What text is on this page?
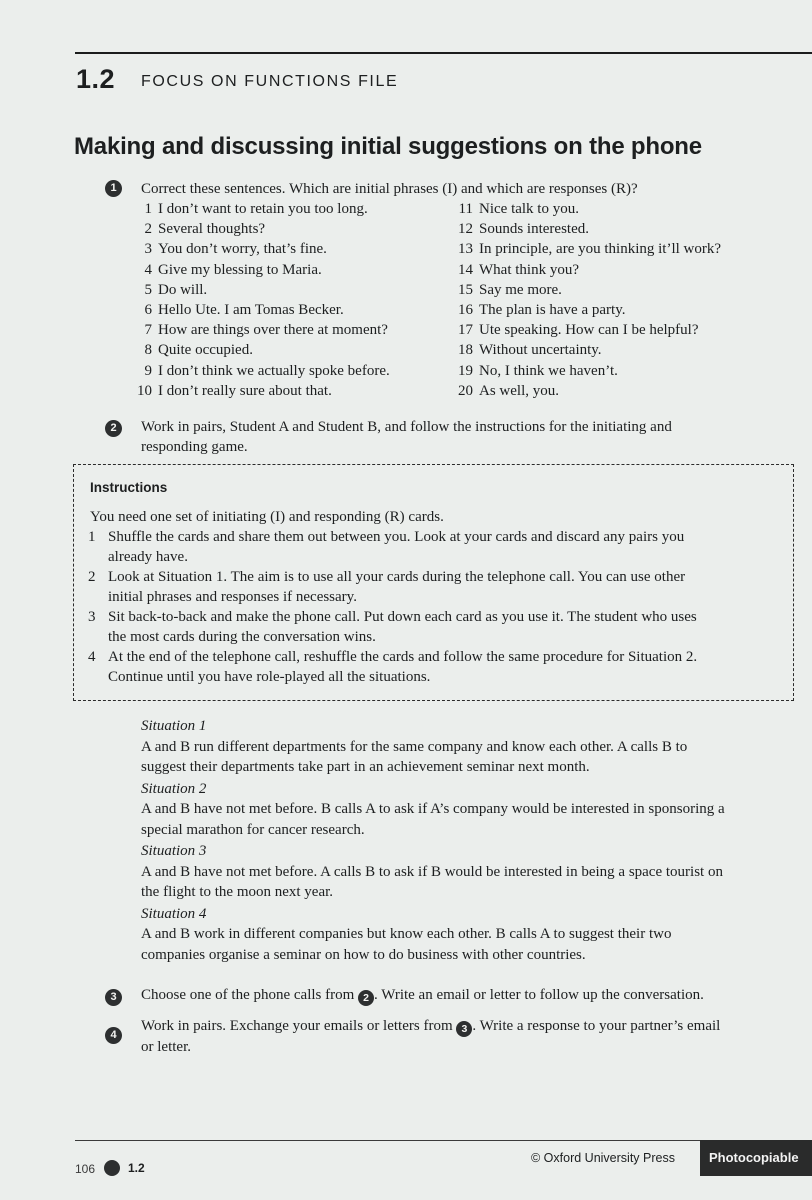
1.2 FOCUS ON FUNCTIONS FILE
Making and discussing initial suggestions on the phone
1	Correct these sentences. Which are initial phrases (I) and which are responses (R)?
1 I don’t want to retain you too long.
2 Several thoughts?
3 You don’t worry, that’s fine.
4 Give my blessing to Maria.
5 Do will.
6 Hello Ute. I am Tomas Becker.
7 How are things over there at moment?
8 Quite occupied.
9 I don’t think we actually spoke before.
10 I don’t really sure about that.
11 Nice talk to you.
12 Sounds interested.
13 In principle, are you thinking it’ll work?
14 What think you?
15 Say me more.
16 The plan is have a party.
17 Ute speaking. How can I be helpful?
18 Without uncertainty.
19 No, I think we haven’t.
20 As well, you.
2	Work in pairs, Student A and Student B, and follow the instructions for the initiating and
responding game.
Instructions
You need one set of initiating (I) and responding (R) cards.
1 Shuffle the cards and share them out between you. Look at your cards and discard any pairs you
already have.
2 Look at Situation 1. The aim is to use all your cards during the telephone call. You can use other
initial phrases and responses if necessary.
3 Sit back-to-back and make the phone call. Put down each card as you use it. The student who uses
the most cards during the conversation wins.
4 At the end of the telephone call, reshuffle the cards and follow the same procedure for Situation 2.
Continue until you have role-played all the situations.
Situation 1
A and B run different departments for the same company and know each other. A calls B to
suggest their departments take part in an achievement seminar next month.
Situation 2
A and B have not met before. B calls A to ask if A’s company would be interested in sponsoring a
special marathon for cancer research.
Situation 3
A and B have not met before. A calls B to ask if B would be interested in being a space tourist on
the flight to the moon next year.
Situation 4
A and B work in different companies but know each other. B calls A to suggest their two
companies organise a seminar on how to do business with other countries.
3	Choose one of the phone calls from 2 . Write an email or letter to follow up the conversation.
4
Work in pairs. Exchange your emails or letters from 3 . Write a response to your partner’s email
or letter.
106	1.2
© Oxford University Press	Photocopiable
